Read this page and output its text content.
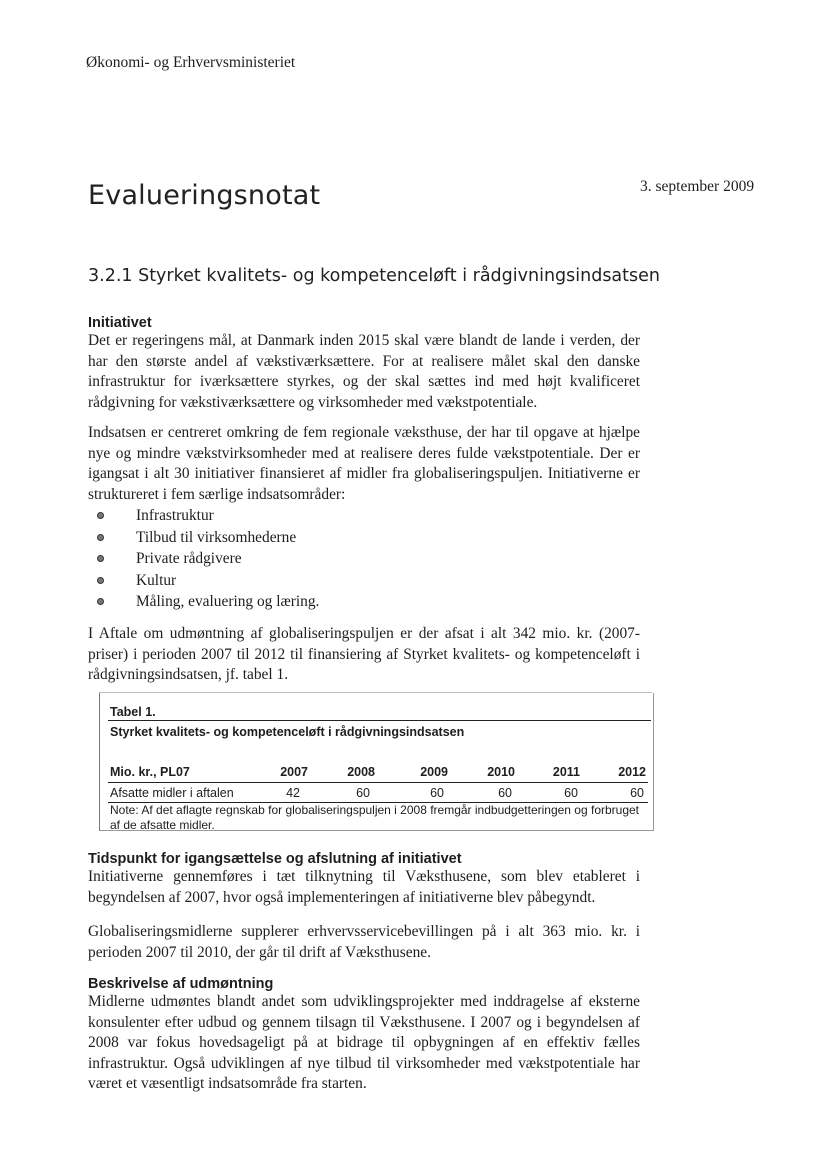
Økonomi- og Erhvervsministeriet
Evalueringsnotat	3. september 2009
3.2.1 Styrket kvalitets- og kompetenceløft i rådgivningsindsatsen
Initiativet

Det er regeringens mål, at Danmark inden 2015 skal være blandt de lande i verden, der har den største andel af vækstiværksættere. For at realisere målet skal den danske infrastruktur for iværksættere styrkes, og der skal sættes ind med højt kvalificeret rådgivning for vækstiværksættere og virksomheder med vækstpotentiale.

Indsatsen er centreret omkring de fem regionale væksthuse, der har til opgave at hjælpe nye og mindre vækstvirksomheder med at realisere deres fulde vækstpotentiale. Der er igangsat i alt 30 initiativer finansieret af midler fra globaliseringspuljen. Initiativerne er struktureret i fem særlige indsatsområder:

Infrastruktur
Tilbud til virksomhederne
Private rådgivere
Kultur
Måling, evaluering og læring.

I Aftale om udmøntning af globaliseringspuljen er der afsat i alt 342 mio. kr. (2007-priser) i perioden 2007 til 2012 til finansiering af Styrket kvalitets- og kompetenceløft i rådgivningsindsatsen, jf. tabel 1.

Tabel 1.
Styrket kvalitets- og kompetenceløft i rådgivningsindsatsen
Mio. kr., PL07	2007	2008	2009	2010	2011	2012
Afsatte midler i aftalen	42	60	60	60	60	60
Note: Af det aflagte regnskab for globaliseringspuljen i 2008 fremgår indbudgetteringen og forbruget af de afsatte midler.
Tidspunkt for igangsættelse og afslutning af initiativet

Initiativerne gennemføres i tæt tilknytning til Væksthusene, som blev etableret i begyndelsen af 2007, hvor også implementeringen af initiativerne blev påbegyndt.

Globaliseringsmidlerne supplerer erhvervsservicebevillingen på i alt 363 mio. kr. i perioden 2007 til 2010, der går til drift af Væksthusene.

Beskrivelse af udmøntning

Midlerne udmøntes blandt andet som udviklingsprojekter med inddragelse af eksterne konsulenter efter udbud og gennem tilsagn til Væksthusene. I 2007 og i begyndelsen af 2008 var fokus hovedsageligt på at bidrage til opbygningen af en effektiv fælles infrastruktur. Også udviklingen af nye tilbud til virksomheder med vækstpotentiale har været et væsentligt indsatsområde fra starten.
